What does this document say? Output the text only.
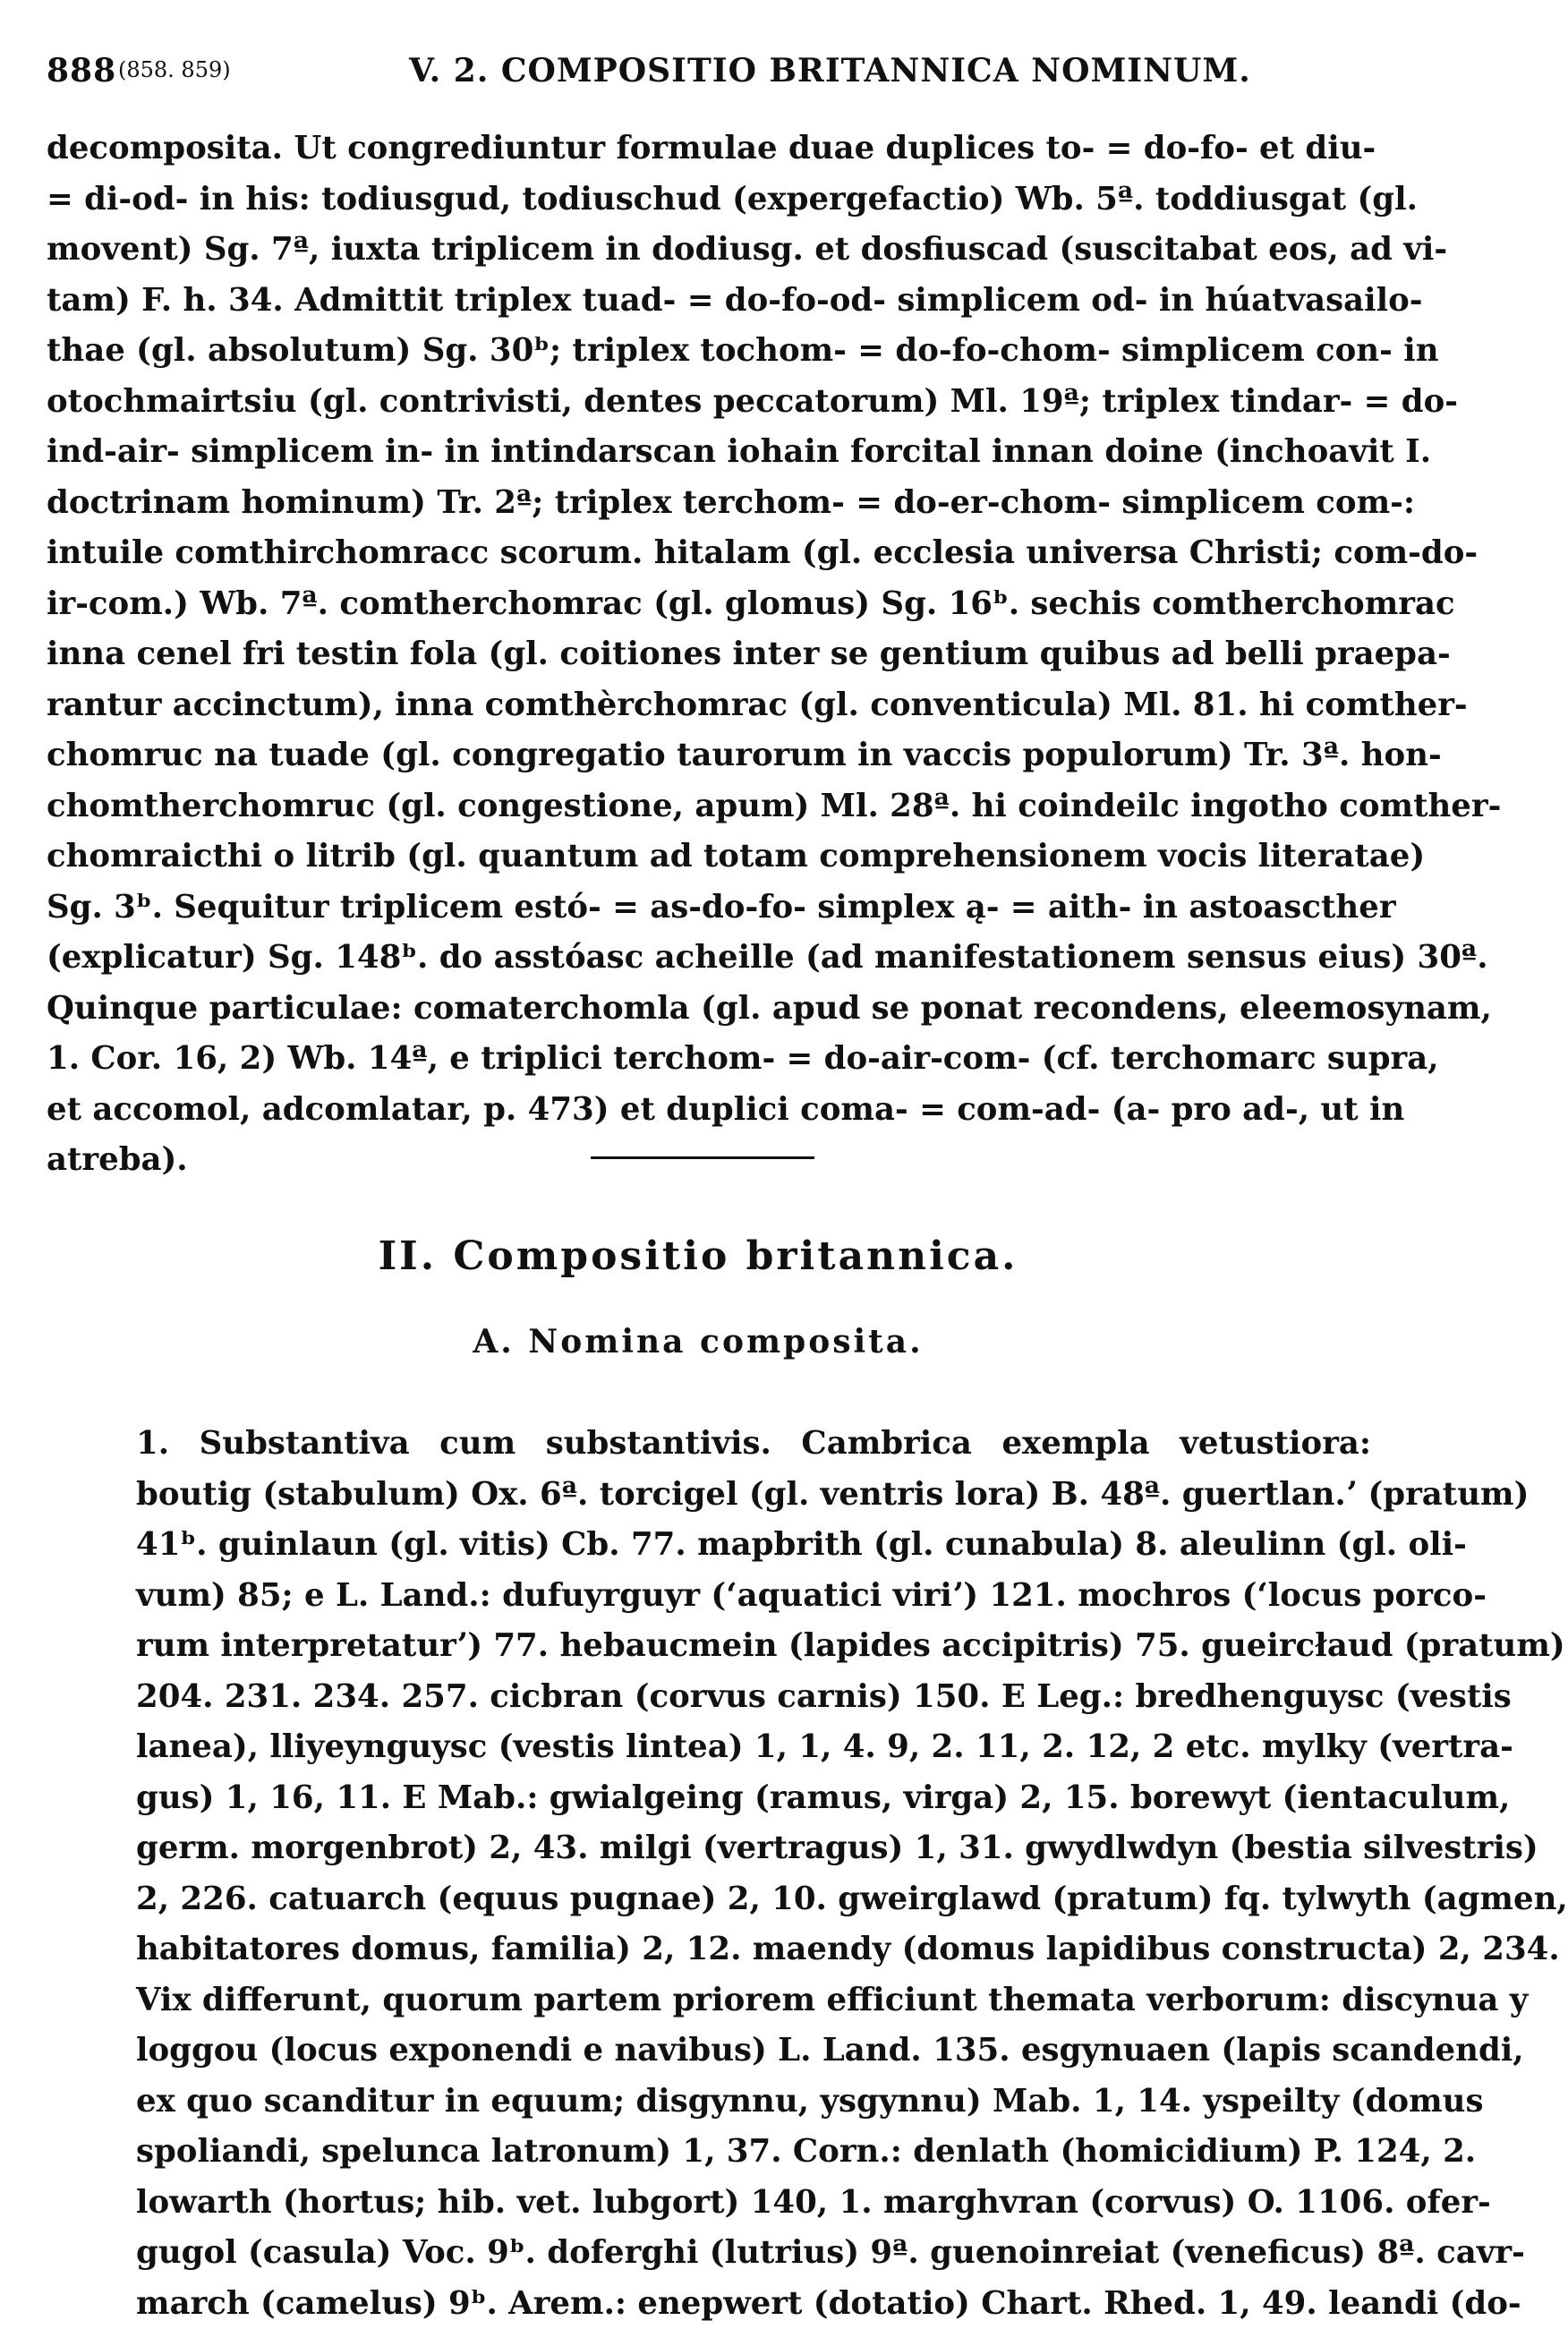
888 (858. 859)	V. 2. COMPOSITIO BRITANNICA NOMINUM.
decomposita. Ut congrediuntur formulae duae duplices to- = do-fo- et diu-
= di-od- in his: todiusgud, todiuschud (expergefactio) Wb. 5ª. toddiusgat (gl.
movent) Sg. 7ª, iuxta triplicem in dodiusg. et dosfiuscad (suscitabat eos, ad vi-
tam) F. h. 34. Admittit triplex tuad- = do-fo-od- simplicem od- in húatvasailo-
thae (gl. absolutum) Sg. 30ᵇ; triplex tochom- = do-fo-chom- simplicem con- in
otochmairtsiu (gl. contrivisti, dentes peccatorum) Ml. 19ª; triplex tindar- = do-
ind-air- simplicem in- in intindarscan iohain forcital innan doine (inchoavit I.
doctrinam hominum) Tr. 2ª; triplex terchom- = do-er-chom- simplicem com-:
intuile comthirchomracc scorum. hitalam (gl. ecclesia universa Christi; com-do-
ir-com.) Wb. 7ª. comtherchomrac (gl. glomus) Sg. 16ᵇ. sechis comtherchomrac
inna cenel fri testin fola (gl. coitiones inter se gentium quibus ad belli praepa-
rantur accinctum), inna comthèrchomrac (gl. conventicula) Ml. 81. hi comther-
chomruc na tuade (gl. congregatio taurorum in vaccis populorum) Tr. 3ª. hon-
chomtherchomruc (gl. congestione, apum) Ml. 28ª. hi coindeilc ingotho comther-
chomraicthi o litrib (gl. quantum ad totam comprehensionem vocis literatae)
Sg. 3ᵇ. Sequitur triplicem estó- = as-do-fo- simplex ą- = aith- in astoascther
(explicatur) Sg. 148ᵇ. do asstóasc acheille (ad manifestationem sensus eius) 30ª.
Quinque particulae: comaterchomla (gl. apud se ponat recondens, eleemosynam,
1. Cor. 16, 2) Wb. 14ª, e triplici terchom- = do-air-com- (cf. terchomarc supra,
et accomol, adcomlatar, p. 473) et duplici coma- = com-ad- (a- pro ad-, ut in
atreba).
II. Compositio britannica.
A. Nomina composita.
1. Substantiva cum substantivis. Cambrica exempla vetustiora:
boutig (stabulum) Ox. 6ª. torcigel (gl. ventris lora) B. 48ª. guertlan.ʼ (pratum)
41ᵇ. guinlaun (gl. vitis) Cb. 77. mapbrith (gl. cunabula) 8. aleulinn (gl. oli-
vum) 85; e L. Land.: dufuyrguyr (ʻaquatici viriʼ) 121. mochros (ʻlocus porco-
rum interpretaturʼ) 77. hebaucmein (lapides accipitris) 75. gueircłaud (pratum)
204. 231. 234. 257. cicbran (corvus carnis) 150. E Leg.: bredhenguysc (vestis
lanea), lliyeynguysc (vestis lintea) 1, 1, 4. 9, 2. 11, 2. 12, 2 etc. mylky (vertra-
gus) 1, 16, 11. E Mab.: gwialgeing (ramus, virga) 2, 15. borewyt (ientaculum,
germ. morgenbrot) 2, 43. milgi (vertragus) 1, 31. gwydlwdyn (bestia silvestris)
2, 226. catuarch (equus pugnae) 2, 10. gweirglawd (pratum) fq. tylwyth (agmen,
habitatores domus, familia) 2, 12. maendy (domus lapidibus constructa) 2, 234.
Vix differunt, quorum partem priorem efficiunt themata verborum: discynua y
loggou (locus exponendi e navibus) L. Land. 135. esgynuaen (lapis scandendi,
ex quo scanditur in equum; disgynnu, ysgynnu) Mab. 1, 14. yspeilty (domus
spoliandi, spelunca latronum) 1, 37. Corn.: denlath (homicidium) P. 124, 2.
lowarth (hortus; hib. vet. lubgort) 140, 1. marghvran (corvus) O. 1106. ofer-
gugol (casula) Voc. 9ᵇ. doferghi (lutrius) 9ª. guenoinreiat (veneficus) 8ª. cavr-
march (camelus) 9ᵇ. Arem.: enepwert (dotatio) Chart. Rhed. 1, 49. leandi (do-
